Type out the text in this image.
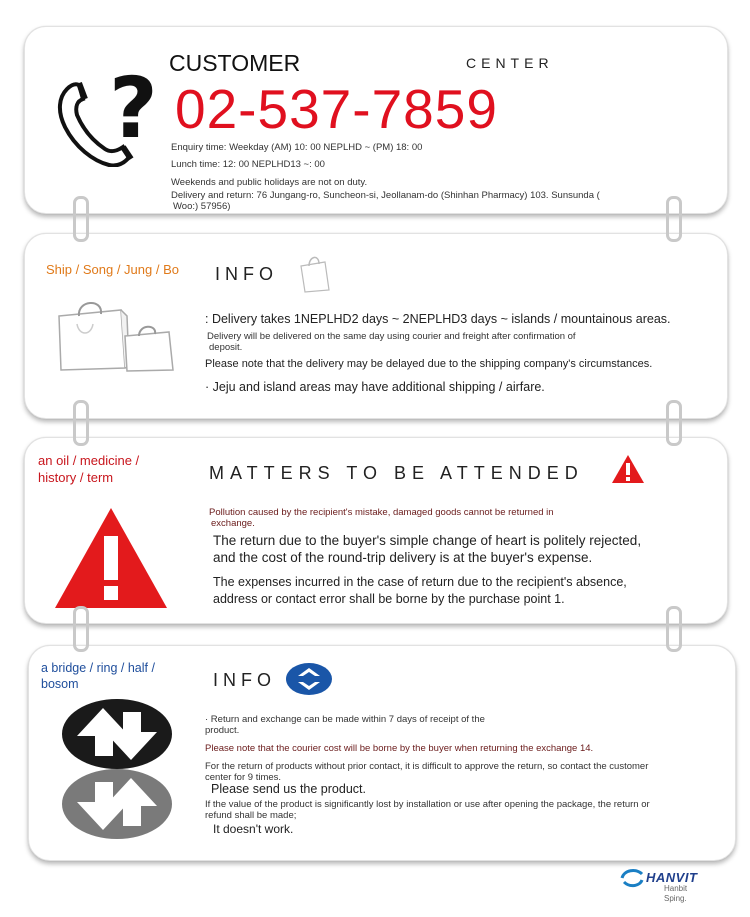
? CUSTOMER	CENTER
02-537-7859
Enquiry time: Weekday (AM) 10: 00 NEPLHD ~ (PM) 18: 00
Lunch time: 12: 00 NEPLHD13 ~: 00
Weekends and public holidays are not on duty.
Delivery and return: 76 Jungang-ro, Suncheon-si, Jeollanam-do (Shinhan Pharmacy) 103. Sunsunda (
Woo:) 57956)
INFO
: Delivery takes 1NEPLHD2 days ~ 2NEPLHD3 days ~ islands / mountainous areas.
Delivery will be delivered on the same day using courier and freight after confirmation of
deposit.
Please note that the delivery may be delayed due to the shipping company's circumstances.
· Jeju and island areas may have additional shipping / airfare.
Ship / Song / Jung / Bo
MATTERS TO BE ATTENDED
Pollution caused by the recipient's mistake, damaged goods cannot be returned in
exchange.
The return due to the buyer's simple change of heart is politely rejected,
and the cost of the round-trip delivery is at the buyer's expense.
The expenses incurred in the case of return due to the recipient's absence,
address or contact error shall be borne by the purchase point 1.
an oil / medicine /
history / term
INFO
· Return and exchange can be made within 7 days of receipt of the
product.
Please note that the courier cost will be borne by the buyer when returning the exchange 14.
For the return of products without prior contact, it is difficult to approve the return, so contact the customer
center for 9 times.
Please send us the product.
If the value of the product is significantly lost by installation or use after opening the package, the return or
refund shall be made;
It doesn't work.
a bridge / ring / half /
bosom
HANVIT
Hanbit
Sping.
